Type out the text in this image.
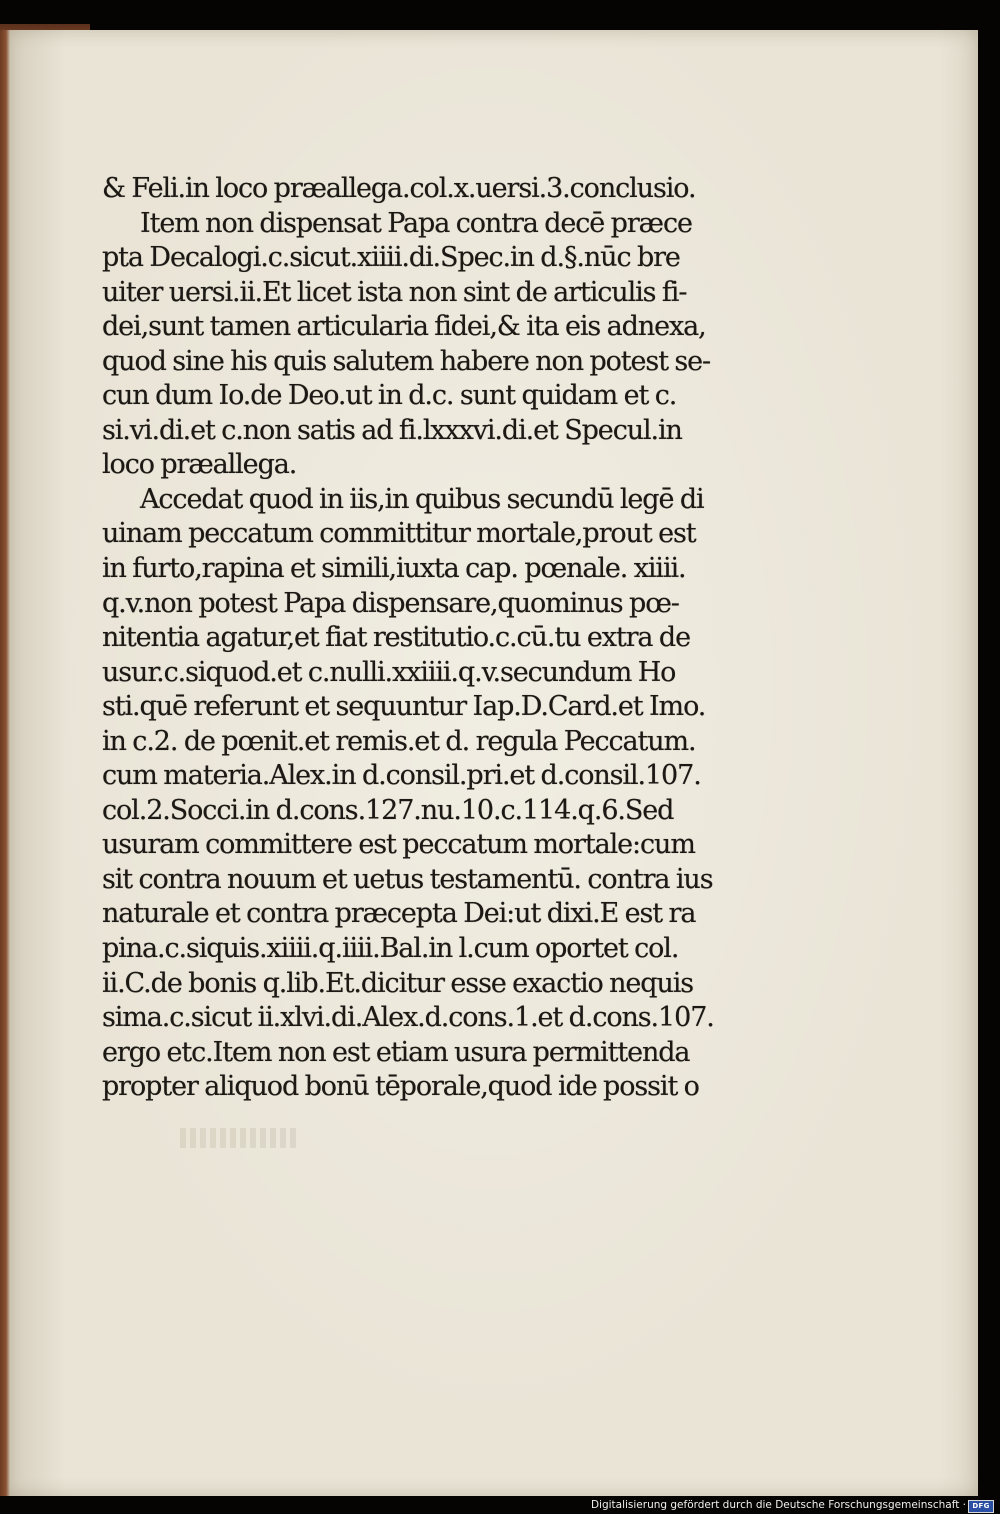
& Feli.in loco præallega.col.x.uersi.3.conclusio.
Item non dispensat Papa contra decē præce
pta Decalogi.c.sicut.xiiii.di.Spec.in d.§.nūc bre
uiter uersi.ii.Et licet ista non sint de articulis fi-
dei,sunt tamen articularia fidei,& ita eis adnexa,
quod sine his quis salutem habere non potest se-
cun dum Io.de Deo.ut in d.c. sunt quidam et c.
si.vi.di.et c.non satis ad fi.lxxxvi.di.et Specul.in
loco præallega.
Accedat quod in iis,in quibus secundū legē di
uinam peccatum committitur mortale,prout est
in furto,rapina et simili,iuxta cap. pœnale. xiiii.
q.v.non potest Papa dispensare,quominus pœ-
nitentia agatur,et fiat restitutio.c.cū.tu extra de
usur.c.siquod.et c.nulli.xxiiii.q.v.secundum Ho
sti.quē referunt et sequuntur Iap.D.Card.et Imo.
in c.2. de pœnit.et remis.et d. regula Peccatum.
cum materia.Alex.in d.consil.pri.et d.consil.107.
col.2.Socci.in d.cons.127.nu.10.c.114.q.6.Sed
usuram committere est peccatum mortale:cum
sit contra nouum et uetus testamentū. contra ius
naturale et contra præcepta Dei:ut dixi.E est ra
pina.c.siquis.xiiii.q.iiii.Bal.in l.cum oportet col.
ii.C.de bonis q.lib.Et.dicitur esse exactio nequis
sima.c.sicut ii.xlvi.di.Alex.d.cons.1.et d.cons.107.
ergo etc.Item non est etiam usura permittenda
propter aliquod bonū tēporale,quod ide possit o
Digitalisierung gefördert durch die Deutsche Forschungsgemeinschaft · DFG
